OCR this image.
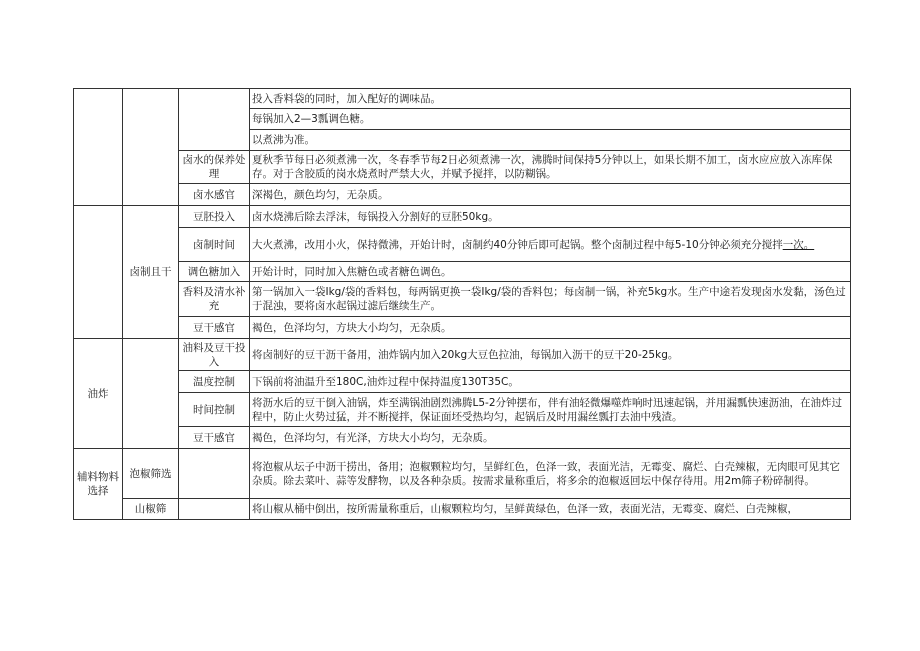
			投入香料袋的同时，加入配好的调味品。
			每锅加入2—3瓢调色糖。
			以煮沸为准。
		卤水的保养处理	夏秋季节每日必须煮沸一次，冬春季节每2日必须煮沸一次，沸腾时间保持5分钟以上，如果长期不加工，卤水应应放入冻库保存。对于含胶质的岗水烧煮时严禁大火，并赋予搅拌，以防糊锅。
		卤水感官	深褐色，颜色均匀，无杂质。
	卤制且干	豆胚投入	卤水烧沸后除去浮沫，每锅投入分割好的豆胚50kg。
		卤制时间	大火煮沸，改用小火，保持微沸，开始计时，卤制约40分钟后即可起锅。整个卤制过程中每5-10分钟必须充分搅拌一次。
		调色糖加入	开始计时，同时加入焦糖色或者糖色调色。
		香料及清水补充	第一锅加入一袋Ikg/袋的香料包，每两锅更换一袋Ikg/袋的香料包；每卤制一锅，补充5kg水。生产中途若发现卤水发黏，汤色过于混浊，要将卤水起锅过滤后继续生产。
		豆干感官	褐色，色泽均匀，方块大小均匀，无杂质。
油炸		油料及豆干投入	将卤制好的豆干沥干备用，油炸锅内加入20kg大豆色拉油，每锅加入沥干的豆干20-25kg。
		温度控制	下锅前将油温升至180C,油炸过程中保持温度130T35C。
		时间控制	将沥水后的豆干倒入油锅，炸至满锅油剧烈沸腾L5-2分钟摆布，伴有油轻微爆噬炸响时迅速起锅，并用漏瓢快速沥油，在油炸过程中，防止火势过猛，并不断搅拌，保证面坯受热均匀，起锅后及时用漏丝瓢打去油中残渣。
		豆干感官	褐色，色泽均匀，有光泽，方块大小均匀，无杂质。
辅料物料选择	泡椒筛选		将泡椒从坛子中沥干捞出，备用；泡椒颗粒均匀，呈鲜红色，色泽一致，表面光洁，无霉变、腐烂、白壳辣椒，无肉眼可见其它杂质。除去菜叶、蒜等发酵物，以及各种杂质。按需求量称重后，将多余的泡椒返回坛中保存待用。用2m筛子粉碎制得。
	山椒筛		将山椒从桶中倒出，按所需量称重后，山椒颗粒均匀，呈鲜黄绿色，色泽一致，表面光洁，无霉变、腐烂、白壳辣椒，
